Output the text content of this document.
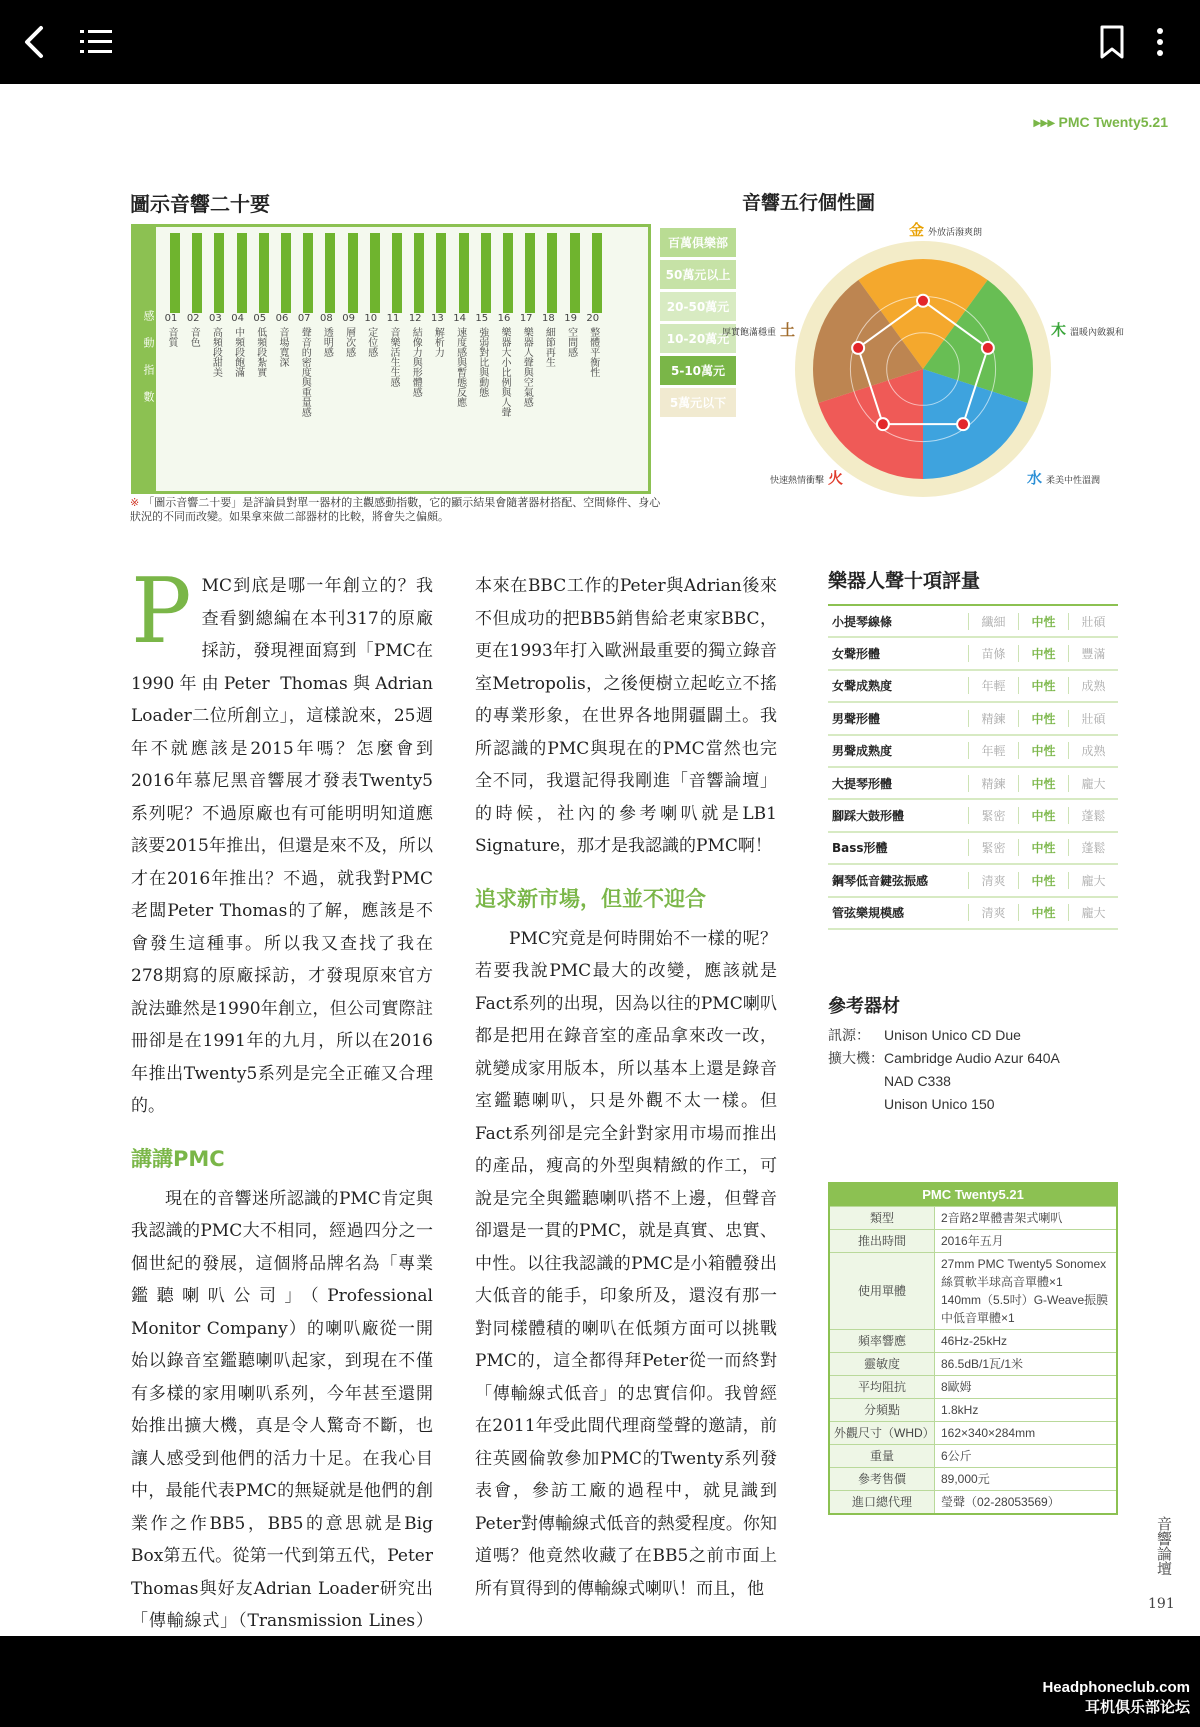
▸▸▸ PMC Twenty5.21
圖示音響二十要
感動指數 01
音質
02
音色
03
高頻段甜美
04
中頻段飽滿
05
低頻段紮實
06
音場寬深
07
聲音的密度與重量感
08
透明感
09
層次感
10
定位感
11
音樂活生生感
12
結像力與形體感
13
解析力
14
速度感與暫態反應
15
強弱對比與動態
16
樂器大小比例與人聲
17
樂器人聲與空氣感
18
細節再生
19
空間感
20
整體平衡性
百萬俱樂部
50萬元以上
20-50萬元
10-20萬元
5-10萬元
5萬元以下
※ 「圖示音響二十要」是評論員對單一器材的主觀感動指數，它的顯示結果會隨著器材搭配、空間條件、身心狀況的不同而改變。如果拿來做二部器材的比較，將會失之偏頗。
音響五行個性圖
金外放活潑爽朗
木溫暖內斂親和
水柔美中性溫潤
快速熱情衝擊 火
厚實飽滿穩重 土

PMC到底是哪一年創立的？我查看劉總編在本刊317的原廠採訪，發現裡面寫到「PMC在1990年由Peter Thomas與Adrian Loader二位所創立」，這樣說來，25週年不就應該是2015年嗎？怎麼會到2016年慕尼黑音響展才發表Twenty5系列呢？不過原廠也有可能明明知道應該要2015年推出，但還是來不及，所以才在2016年推出？不過，就我對PMC老闆Peter Thomas的了解，應該是不會發生這種事。所以我又查找了我在278期寫的原廠採訪，才發現原來官方說法雖然是1990年創立，但公司實際註冊卻是在1991年的九月，所以在2016年推出Twenty5系列是完全正確又合理的。

講講PMC

現在的音響迷所認識的PMC肯定與我認識的PMC大不相同，經過四分之一個世紀的發展，這個將品牌名為「專業鑑聽喇叭公司」（Professional Monitor Company）的喇叭廠從一開始以錄音室鑑聽喇叭起家，到現在不僅有多樣的家用喇叭系列，今年甚至還開始推出擴大機，真是令人驚奇不斷，也讓人感受到他們的活力十足。在我心目中，最能代表PMC的無疑就是他們的創業作之作BB5，BB5的意思就是Big Box第五代。從第一代到第五代，Peter Thomas與好友Adrian Loader研究出「傳輸線式」（Transmission Lines）

本來在BBC工作的Peter與Adrian後來不但成功的把BB5銷售給老東家BBC，更在1993年打入歐洲最重要的獨立錄音室Metropolis，之後便樹立起屹立不搖的專業形象，在世界各地開疆闢土。我所認識的PMC與現在的PMC當然也完全不同，我還記得我剛進「音響論壇」的時候，社內的參考喇叭就是LB1 Signature，那才是我認識的PMC啊！

追求新市場，但並不迎合

PMC究竟是何時開始不一樣的呢？若要我說PMC最大的改變，應該就是Fact系列的出現，因為以往的PMC喇叭都是把用在錄音室的產品拿來改一改，就變成家用版本，所以基本上還是錄音室鑑聽喇叭，只是外觀不太一樣。但Fact系列卻是完全針對家用市場而推出的產品，瘦高的外型與精緻的作工，可說是完全與鑑聽喇叭搭不上邊，但聲音卻還是一貫的PMC，就是真實、忠實、中性。以往我認識的PMC是小箱體發出大低音的能手，印象所及，還沒有那一對同樣體積的喇叭在低頻方面可以挑戰PMC的，這全都得拜Peter從一而終對「傳輸線式低音」的忠實信仰。我曾經在2011年受此間代理商瑩聲的邀請，前往英國倫敦參加PMC的Twenty系列發表會，參訪工廠的過程中，就見識到Peter對傳輸線式低音的熱愛程度。你知道嗎？他竟然收藏了在BB5之前市面上所有買得到的傳輸線式喇叭！而且，他

樂器人聲十項評量
小提琴線條	纖細	中性	壯碩
女聲形體	苗條	中性	豐滿
女聲成熟度	年輕	中性	成熟
男聲形體	精鍊	中性	壯碩
男聲成熟度	年輕	中性	成熟
大提琴形體	精鍊	中性	龐大
腳踩大鼓形體	緊密	中性	蓬鬆
Bass形體	緊密	中性	蓬鬆
鋼琴低音鍵弦振感	清爽	中性	龐大
管弦樂規模感	清爽	中性	龐大
參考器材
訊源：	Unison Unico CD Due
擴大機： Cambridge Audio Azur 640A
NAD C338
Unison Unico 150
PMC Twenty5.21
類型	2音路2單體書架式喇叭
推出時間	2016年五月
使用單體
27mm PMC Twenty5 Sonomex絲質軟半球高音單體×1　140mm（5.5吋）G-Weave振膜中低音單體×1
頻率響應	46Hz-25kHz
靈敏度	86.5dB/1瓦/1米
平均阻抗	8歐姆
分頻點	1.8kHz
外觀尺寸（WHD） 162×340×284mm
重量	6公斤
參考售價	89,000元
進口總代理	瑩聲（02-28053569）
音響論壇
191
Headphoneclub.com
耳机俱乐部论坛
